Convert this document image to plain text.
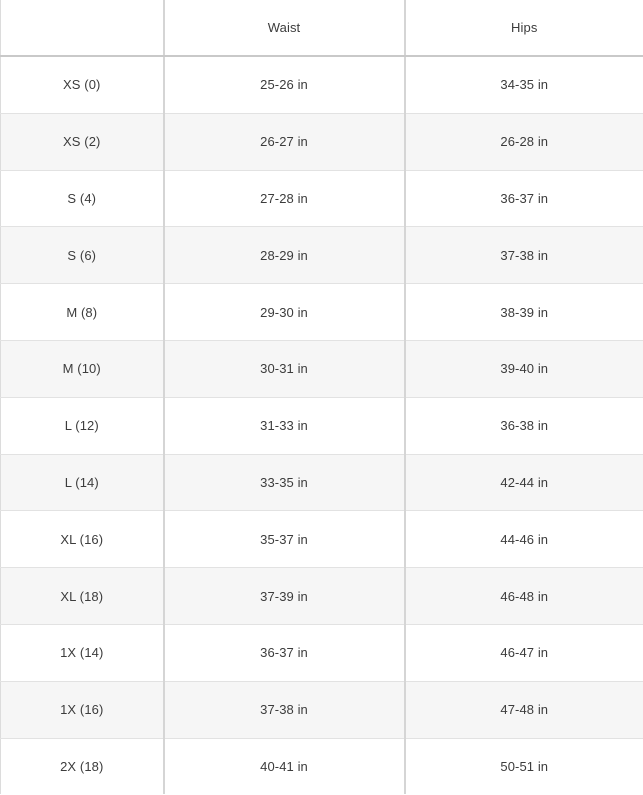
	Waist	Hips
XS (0)	25-26 in	34-35 in
XS (2)	26-27 in	26-28 in
S (4)	27-28 in	36-37 in
S (6)	28-29 in	37-38 in
M (8)	29-30 in	38-39 in
M (10)	30-31 in	39-40 in
L (12)	31-33 in	36-38 in
L (14)	33-35 in	42-44 in
XL (16)	35-37 in	44-46 in
XL (18)	37-39 in	46-48 in
1X (14)	36-37 in	46-47 in
1X (16)	37-38 in	47-48 in
2X (18)	40-41 in	50-51 in
